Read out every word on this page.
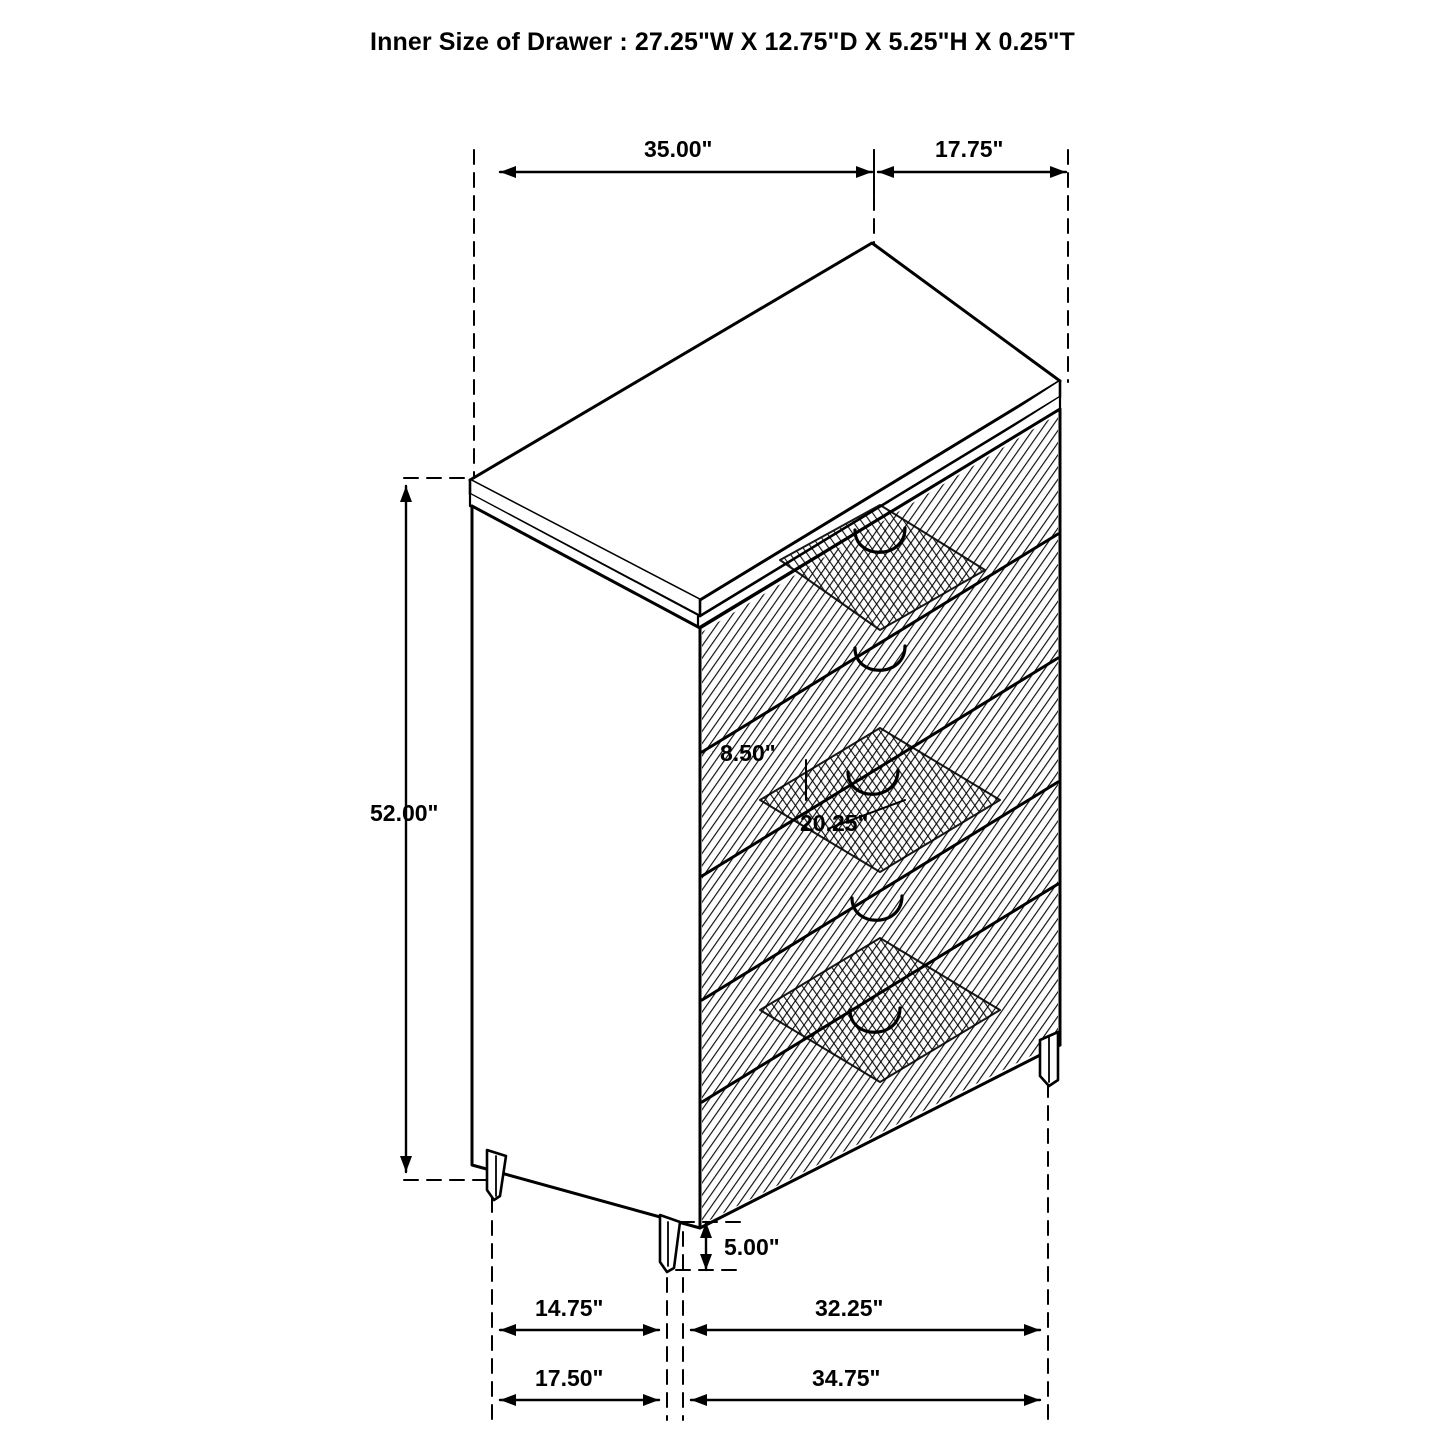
Inner Size of Drawer : 27.25"W X 12.75"D X 5.25"H X 0.25"T
35.00"	17.75"
52.00"
8.50"
20.25"
5.00"
14.75"	32.25"
17.50"	34.75"
